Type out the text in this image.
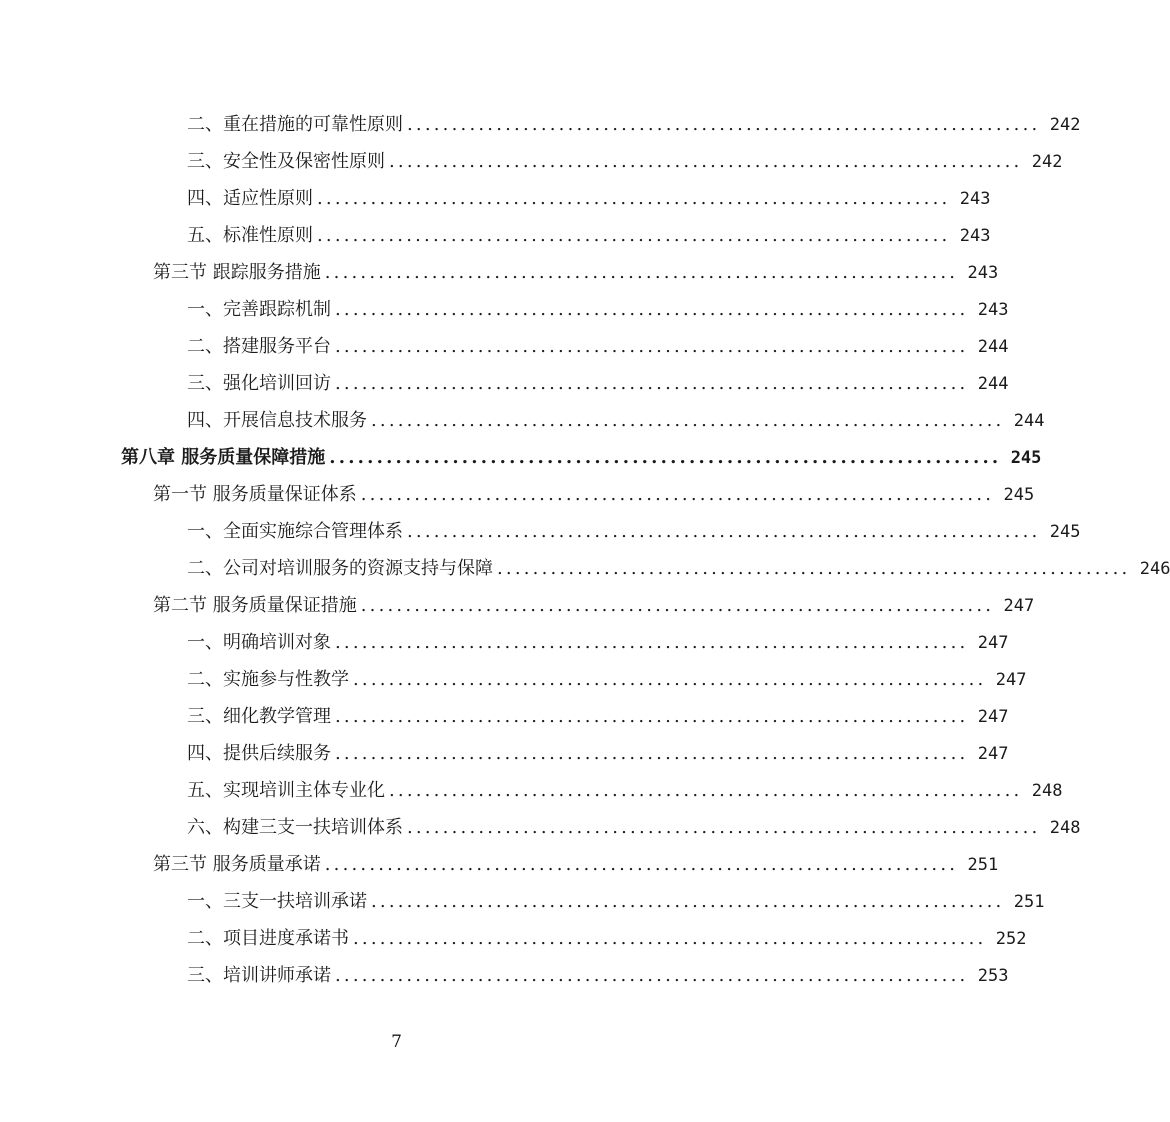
二、重在措施的可靠性原则 ....................................................................... 242
三、安全性及保密性原则 ....................................................................... 242
四、适应性原则 ....................................................................... 243
五、标准性原则 ....................................................................... 243
第三节 跟踪服务措施 ....................................................................... 243
一、完善跟踪机制 ....................................................................... 243
二、搭建服务平台 ....................................................................... 244
三、强化培训回访 ....................................................................... 244
四、开展信息技术服务 ....................................................................... 244
第八章 服务质量保障措施 ....................................................................... 245
第一节 服务质量保证体系 ....................................................................... 245
一、全面实施综合管理体系 ....................................................................... 245
二、公司对培训服务的资源支持与保障 ....................................................................... 246
第二节 服务质量保证措施 ....................................................................... 247
一、明确培训对象 ....................................................................... 247
二、实施参与性教学 ....................................................................... 247
三、细化教学管理 ....................................................................... 247
四、提供后续服务 ....................................................................... 247
五、实现培训主体专业化 ....................................................................... 248
六、构建三支一扶培训体系 ....................................................................... 248
第三节 服务质量承诺 ....................................................................... 251
一、三支一扶培训承诺 ....................................................................... 251
二、项目进度承诺书 ....................................................................... 252
三、培训讲师承诺 ....................................................................... 253
7
